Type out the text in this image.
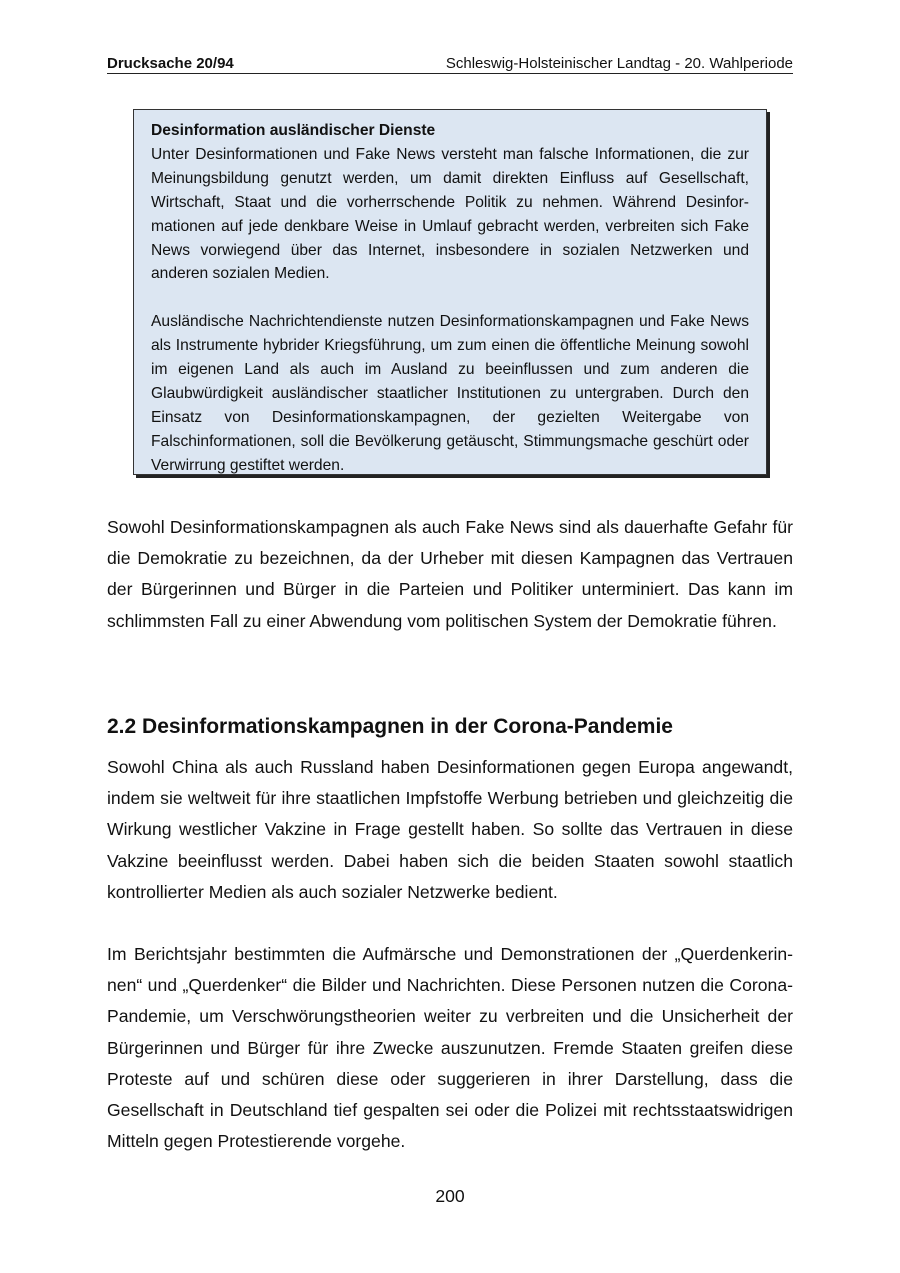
Drucksache 20/94	Schleswig-Holsteinischer Landtag - 20. Wahlperiode
Desinformation ausländischer Dienste

Unter Desinformationen und Fake News versteht man falsche Informationen, die zur Meinungsbildung genutzt werden, um damit direkten Einfluss auf Gesellschaft, Wirtschaft, Staat und die vorherrschende Politik zu nehmen. Während Desinformationen auf jede denkbare Weise in Umlauf gebracht werden, verbreiten sich Fake News vorwiegend über das Internet, insbesondere in sozialen Netzwerken und anderen sozialen Medien.

Ausländische Nachrichtendienste nutzen Desinformationskampagnen und Fake News als Instrumente hybrider Kriegsführung, um zum einen die öffentliche Meinung sowohl im eigenen Land als auch im Ausland zu beeinflussen und zum anderen die Glaubwürdigkeit ausländischer staatlicher Institutionen zu untergraben. Durch den Einsatz von Desinformationskampagnen, der gezielten Weitergabe von Falschinformationen, soll die Bevölkerung getäuscht, Stimmungsmache geschürt oder Verwirrung gestiftet werden.

Sowohl Desinformationskampagnen als auch Fake News sind als dauerhafte Gefahr für die Demokratie zu bezeichnen, da der Urheber mit diesen Kampagnen das Vertrauen der Bürgerinnen und Bürger in die Parteien und Politiker unterminiert. Das kann im schlimmsten Fall zu einer Abwendung vom politischen System der Demokratie führen.

2.2 Desinformationskampagnen in der Corona-Pandemie

Sowohl China als auch Russland haben Desinformationen gegen Europa angewandt, indem sie weltweit für ihre staatlichen Impfstoffe Werbung betrieben und gleichzeitig die Wirkung westlicher Vakzine in Frage gestellt haben. So sollte das Vertrauen in diese Vakzine beeinflusst werden. Dabei haben sich die beiden Staaten sowohl staatlich kontrollierter Medien als auch sozialer Netzwerke bedient.

Im Berichtsjahr bestimmten die Aufmärsche und Demonstrationen der „Querdenkerinnen“ und „Querdenker“ die Bilder und Nachrichten. Diese Personen nutzen die Corona-Pandemie, um Verschwörungstheorien weiter zu verbreiten und die Unsicherheit der Bürgerinnen und Bürger für ihre Zwecke auszunutzen. Fremde Staaten greifen diese Proteste auf und schüren diese oder suggerieren in ihrer Darstellung, dass die Gesellschaft in Deutschland tief gespalten sei oder die Polizei mit rechtsstaatswidrigen Mitteln gegen Protestierende vorgehe.

200
